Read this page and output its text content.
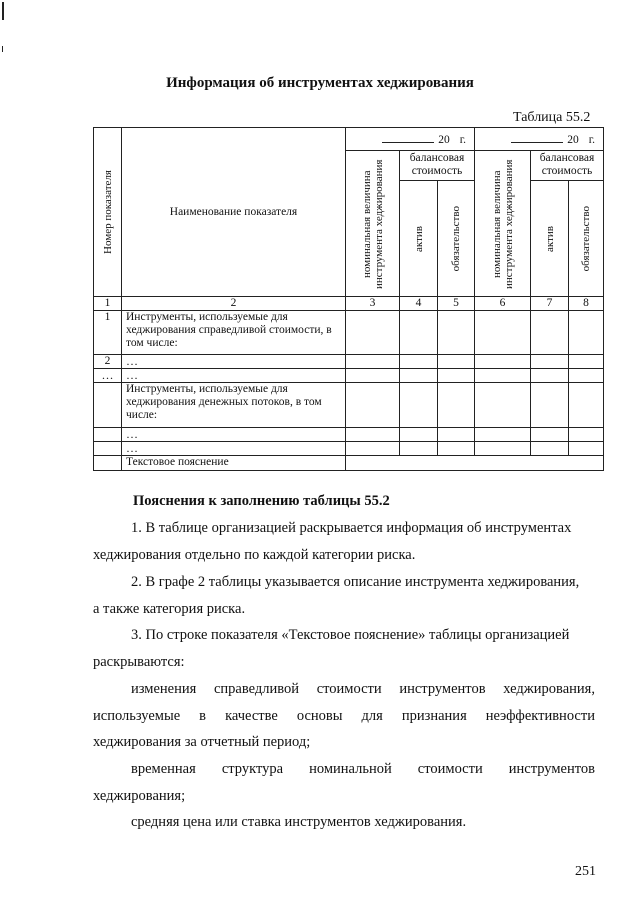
Информация об инструментах хеджирования
Таблица 55.2
Номер показателя	Наименование показателя	20 г.			20 г.		

		номинальная величина инструмента хеджирования	балансовая стоимость		номинальная величина инструмента хеджирования	балансовая стоимость	

			актив	обязательство		актив	обязательство

1	2	3	4	5	6	7	8
1	Инструменты, используемые для хеджирования справедливой стоимости, в том числе:						
2	…						
…	…						
	Инструменты, используемые для хеджирования денежных потоков, в том числе:						
	…						
	…						
	Текстовое пояснение						
Пояснения к заполнению таблицы 55.2
1. В таблице организацией раскрывается информация об инструментах
хеджирования отдельно по каждой категории риска.
2. В графе 2 таблицы указывается описание инструмента хеджирования,
а также категория риска.
3. По строке показателя «Текстовое пояснение» таблицы организацией
раскрываются:
изменения справедливой стоимости инструментов хеджирования,
используемые в качестве основы для признания неэффективности
хеджирования за отчетный период;
временная структура номинальной стоимости инструментов
хеджирования;
средняя цена или ставка инструментов хеджирования.
251
